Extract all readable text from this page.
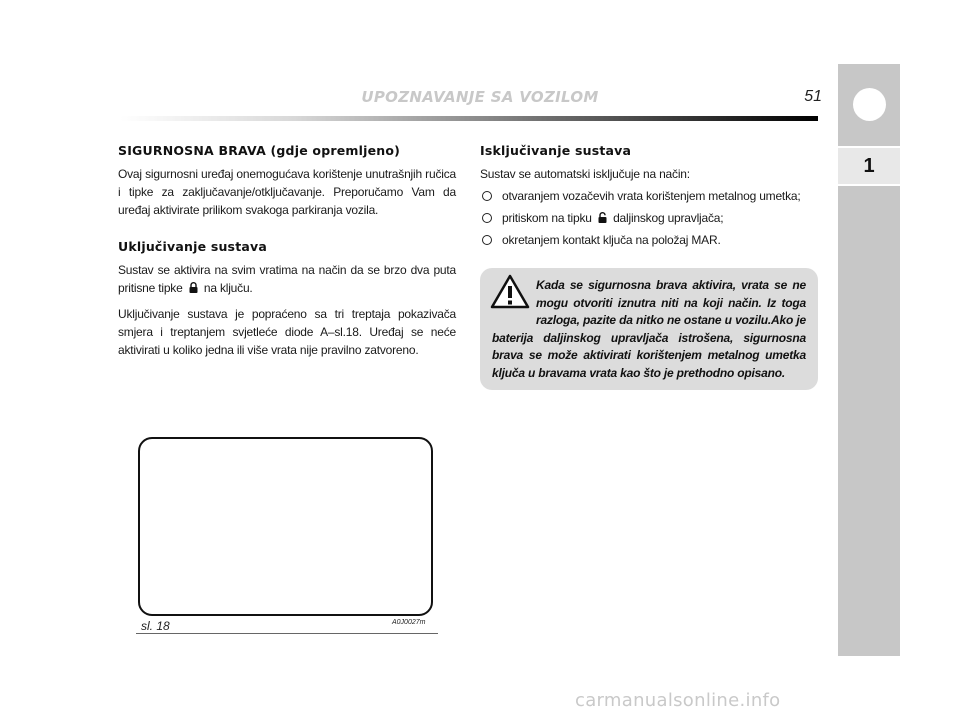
UPOZNAVANJE SA VOZILOM	51
1
SIGURNOSNA BRAVA (gdje opremljeno)

Ovaj sigurnosni uređaj onemogućava korištenje unutrašnjih ručica i tipke za zaključavanje/otključavanje. Preporučamo Vam da uređaj aktivirate prilikom svakoga parkiranja vozila.

Uključivanje sustava

Sustav se aktivira na svim vratima na način da se brzo dva puta pritisne tipke na ključu.

Uključivanje sustava je popraćeno sa tri treptaja pokazivača smjera i treptanjem svjetleće diode A–sl.18. Uređaj se neće aktivirati u koliko jedna ili više vrata nije pravilno zatvoreno.

Isključivanje sustava

Sustav se automatski isključuje na način:

otvaranjem vozačevih vrata korištenjem metalnog umetka;
pritiskom na tipku daljinskog upravljača;
okretanjem kontakt ključa na položaj MAR.
Kada se sigurnosna brava aktivira, vrata se ne mogu otvoriti iznutra niti na koji način. Iz toga razloga, pazite da nitko ne ostane u vozilu.Ako je baterija daljinskog upravljača istrošena, sigurnosna brava se može aktivirati korištenjem metalnog umetka ključa u bravama vrata kao što je prethodno opisano.
sl. 18	A0J0027m
carmanualsonline.info
